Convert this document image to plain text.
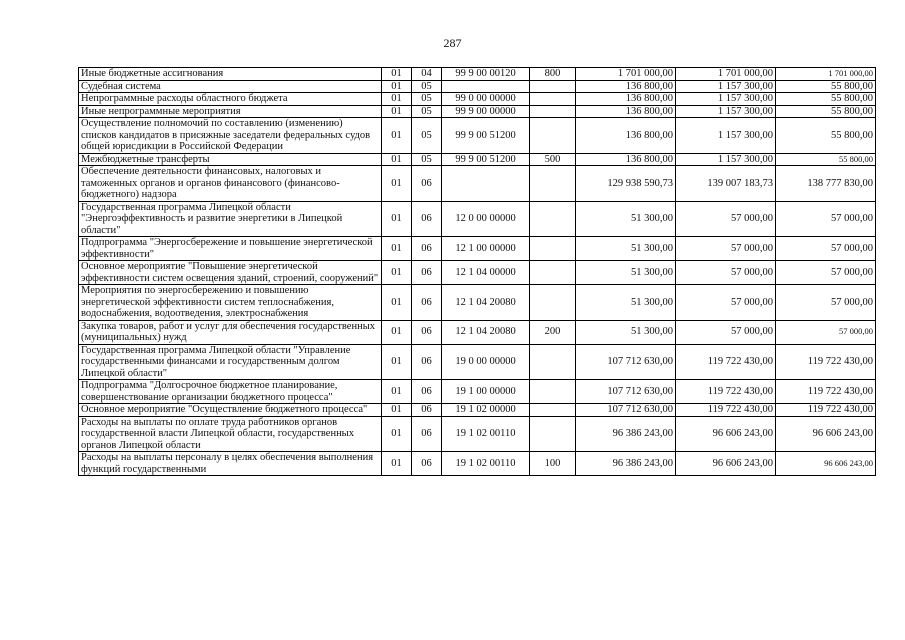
287
Иные бюджетные ассигнования	01	04	99 9 00 00120	800	1 701 000,00	1 701 000,00	1 701 000,00
Судебная система	01	05			136 800,00	1 157 300,00	55 800,00
Непрограммные расходы областного бюджета	01	05	99 0 00 00000		136 800,00	1 157 300,00	55 800,00
Иные непрограммные мероприятия	01	05	99 9 00 00000		136 800,00	1 157 300,00	55 800,00
Осуществление полномочий по составлению (изменению) списков кандидатов в присяжные заседатели федеральных судов общей юрисдикции в Российской Федерации	01	05	99 9 00 51200		136 800,00	1 157 300,00	55 800,00
Межбюджетные трансферты	01	05	99 9 00 51200	500	136 800,00	1 157 300,00	55 800,00
Обеспечение деятельности финансовых, налоговых и таможенных органов и органов финансового (финансово-бюджетного) надзора	01	06			129 938 590,73	139 007 183,73	138 777 830,00
Государственная программа Липецкой области "Энергоэффективность и развитие энергетики в Липецкой области"	01	06	12 0 00 00000		51 300,00	57 000,00	57 000,00
Подпрограмма "Энергосбережение и повышение энергетической эффективности"	01	06	12 1 00 00000		51 300,00	57 000,00	57 000,00
Основное мероприятие "Повышение энергетической эффективности систем освещения зданий, строений, сооружений"	01	06	12 1 04 00000		51 300,00	57 000,00	57 000,00
Мероприятия по энергосбережению и повышению энергетической эффективности систем теплоснабжения, водоснабжения, водоотведения, электроснабжения	01	06	12 1 04 20080		51 300,00	57 000,00	57 000,00
Закупка товаров, работ и услуг для обеспечения государственных (муниципальных) нужд	01	06	12 1 04 20080	200	51 300,00	57 000,00	57 000,00
Государственная программа Липецкой области "Управление государственными финансами и государственным долгом Липецкой области"	01	06	19 0 00 00000		107 712 630,00	119 722 430,00	119 722 430,00
Подпрограмма "Долгосрочное бюджетное планирование, совершенствование организации бюджетного процесса"	01	06	19 1 00 00000		107 712 630,00	119 722 430,00	119 722 430,00
Основное мероприятие "Осуществление бюджетного процесса"	01	06	19 1 02 00000		107 712 630,00	119 722 430,00	119 722 430,00
Расходы на выплаты по оплате труда работников органов государственной власти Липецкой области, государственных органов Липецкой области	01	06	19 1 02 00110		96 386 243,00	96 606 243,00	96 606 243,00
Расходы на выплаты персоналу в целях обеспечения выполнения функций государственными	01	06	19 1 02 00110	100	96 386 243,00	96 606 243,00	96 606 243,00
